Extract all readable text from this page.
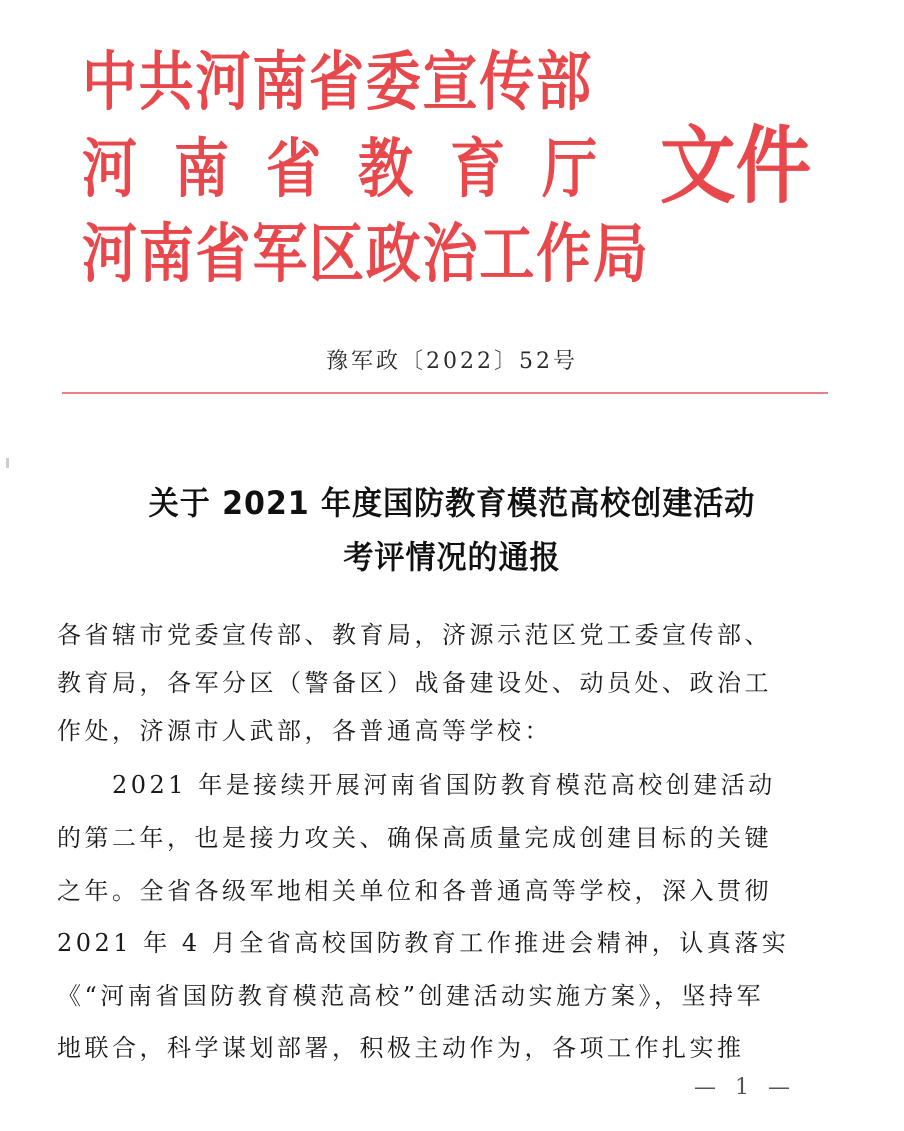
中共河南省委宣传部
河南省教育厅
河南省军区政治工作局
文件
豫军政〔2022〕52号
关于 2021 年度国防教育模范高校创建活动
考评情况的通报
各省辖市党委宣传部、教育局，济源示范区党工委宣传部、
教育局，各军分区（警备区）战备建设处、动员处、政治工
作处，济源市人武部，各普通高等学校：
　　2021 年是接续开展河南省国防教育模范高校创建活动
的第二年，也是接力攻关、确保高质量完成创建目标的关键
之年。全省各级军地相关单位和各普通高等学校，深入贯彻
2021 年 4 月全省高校国防教育工作推进会精神，认真落实
《“河南省国防教育模范高校”创建活动实施方案》，坚持军
地联合，科学谋划部署，积极主动作为，各项工作扎实推
— 1 —
